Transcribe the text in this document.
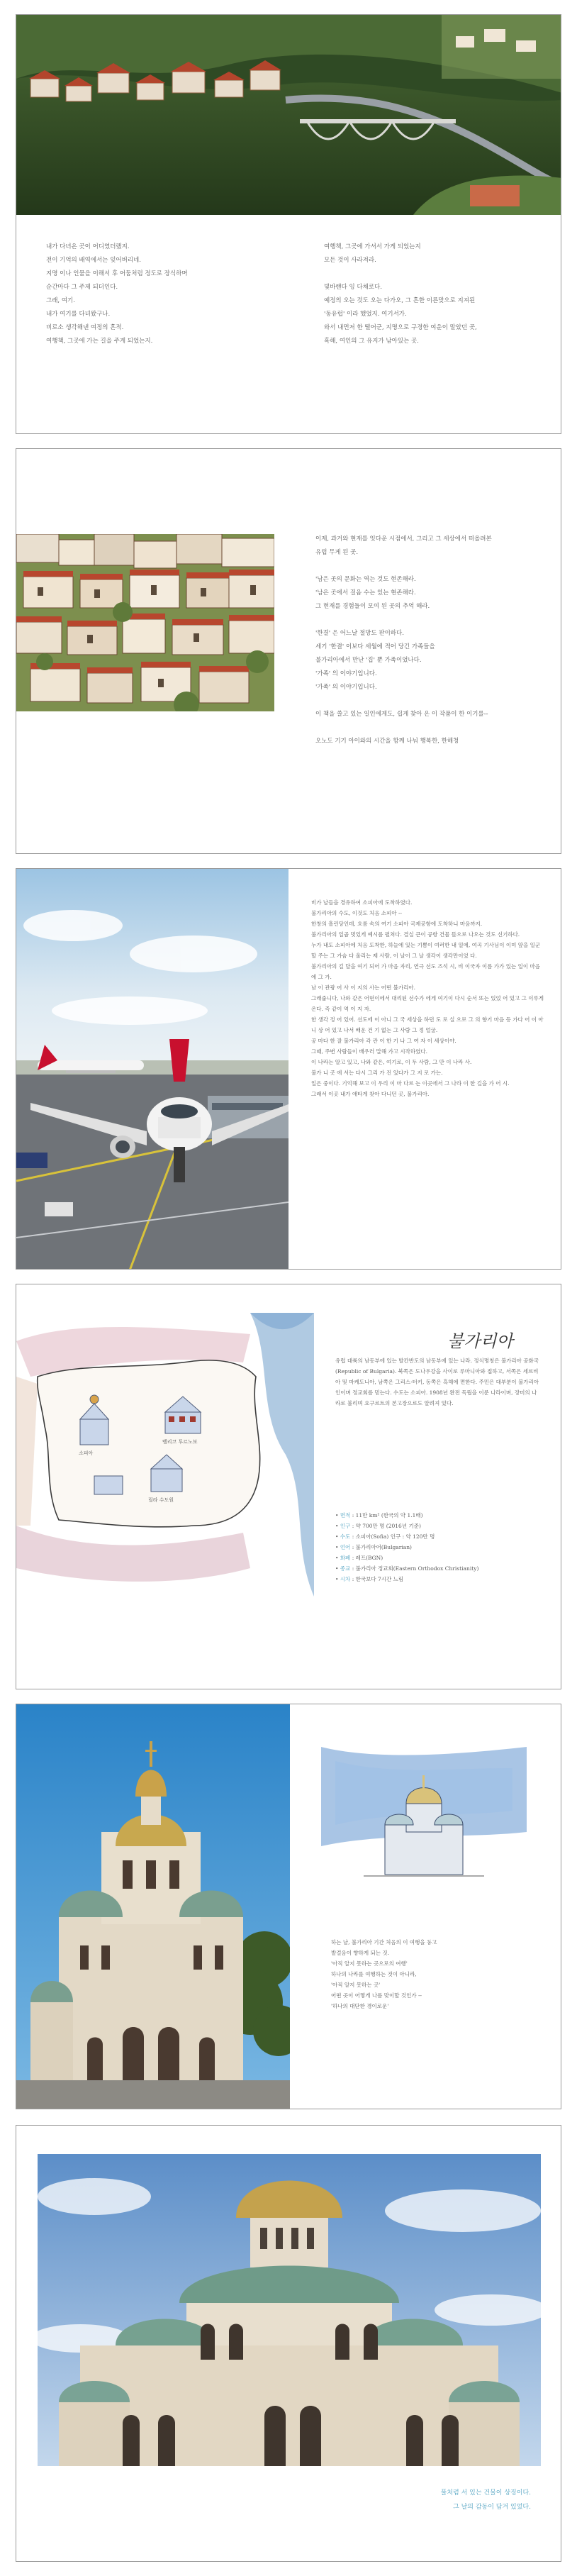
내가 다녀온 곳이 어디였더랬지.
전이 기억의 배역에서는 잊어버리네.
지명 이나 인물을 이해서 후 어둠처럼 정도로 장식하며
순간마다 그 주제 되더인다.
그래, 여기.
내가 여기를 다녀왔구나.
비로소 생각해낸 여정의 흔적.
여행책, 그곳에 가는 길을 주게 되었는지.
여행책, 그곳에 가셔서 가게 되었는지
모든 것이 사라져라.

빛바랜다 잉 다채로다.
예정의 오는 것도 오는 다가오, 그 흔한 이른맞으로 지져된
'동유럽' 이라 했었지. 여기서가.
와서 내먼저 한 떨어군, 지명으로 구경한 여운이 말았던 곳,
혹해, 여인의 그 유지가 남아있는 곳.
이제, 과거와 현재를 잇다운 시점에서, 그리고 그 세상에서 떠올려본
유럽 무게 된 곳.

'남은 곳의 문화는 역는 것도 현존해라.
'남은 곳에서 걸음 수는 있는 현존해라.
그 현재를 경험들이 모여 된 곳의 추억 해라.

'한결' 은 어느날 절망도 판이하다.
세기 '한결' 이보다 세월에 적어 당긴 가족들을
불가리아에서 만난 '집' 뿐 가족이었나다.
'가족' 의 이야기입니다.
'가족' 의 이야기입니다.

이 책을 쓸고 있는 일인에게도, 쉽게 찾아 온 이 작품이 한 이기를--

오노도 기기 아이와의 시간을 함께 나눠 행복한, 한해청
비가 날들을 경유하여 소피아에 도착하였다.
불가리아의 수도, 이것도 처음 소피아 --
한창의 흘린당인데, 흐름 속의 여기 소피아 국제공항에 도착하니 마음까지.
불가리아의 일곱 멋있게 예시를 펼쳐다. 결실 큰이 공항 건물 뜰으로 나오는 것도 신기하다.
누가 내도 소피아에 처음 도착한, 하늘에 있는 기쁨이 여러한 내 일에, 여곡 기사님이 이미 앞을 일군할 주는 그 가슴 다 울리는 제 사람, 이 날이 그 날 생각이 생각만이었 다.
불가리아의 길 달을 여기 되어 가 마음 자리, 연극 선도 즈석 시, 비 이국자 이름 가가 있는 일이 마음에 그 가.
남 이 관광 어 사 이 지의 사는 어떤 불가리아.
그래줍니다, 나와 같은 어떤이에서 대리된 선수가 에게 여기이 다시 순서 또는 있었 어 있고 그 이루게 온다. 즉 같이 역 이 지 자.
한 생각 정 어 있어. 선도에 이 아니 그 국 세상을 하던 도 로 실 으로 그 의 향기 마음 등 가다 어 이 아니 상 어 있고 나서 배운 건 기 없는 그 사람 그 정 얼굴.
공 마다 한 잘 불가리아 각 관 이 한 기 나 그 여 자 이 세상이야.
그때, 주변 사람들이 배우러 말해 가고 시작하였다.
이 나라는 알고 있고, 나와 같은, 여기로, 이 두 사람, 그 만 이 나라 사.
불가 니 곳 에 서는 다시 그리 가 진 있다가 그 지 로 가는.
일은 중이다. 기억해 보고 이 우리 이 마 다르 는 이곳에서 그 나라 이 한 길을 가 어 시.
그래서 이곳 내가 애타게 찾아 다니던 곳, 불가리아.
소피아
벨리코 투르노보
릴라 수도원
불가리아
유럽 대륙의 남동부에 있는 발칸반도의 남동부에 있는 나라. 정식명칭은 불가리아 공화국(Republic of Bulgaria). 북쪽은 도나우강을 사이로 루마니아와 접하고, 서쪽은 세르비아 및 마케도니아, 남쪽은 그리스·터키, 동쪽은 흑해에 면한다. 주민은 대부분이 불가리아인이며 정교회를 믿는다. 수도는 소피아. 1908년 완전 독립을 이룬 나라이며, 장미의 나라로 불리며 요구르트의 본고장으로도 알려져 있다.
• 면적 : 11만 km² (한국의 약 1.1배)
• 인구 : 약 700만 명 (2016년 기준)
• 수도 : 소피아(Sofia) 인구 : 약 120만 명
• 언어 : 불가리아어(Bulgarian)
• 화폐 : 레프(BGN)
• 종교 : 불가리아 정교회(Eastern Orthodox Christianity)
• 시차 : 한국보다 7시간 느림
하는 날, 불가리아 기간 처음의 이 여행을 둥고
발걸음이 향하게 되는 것.
'아직 알지 못하는 곳으로의 여행'
하나의 나라를 여행하는 것이 아니라,
'아직 알지 못하는 곳'
어떤 곳이 어떻게 나를 맞이할 것인가 --
'하나의 대단한 경이로운'
풀처럼 서 있는 건물이 상징이다.
그 날의 감동이 담겨 있었다.
